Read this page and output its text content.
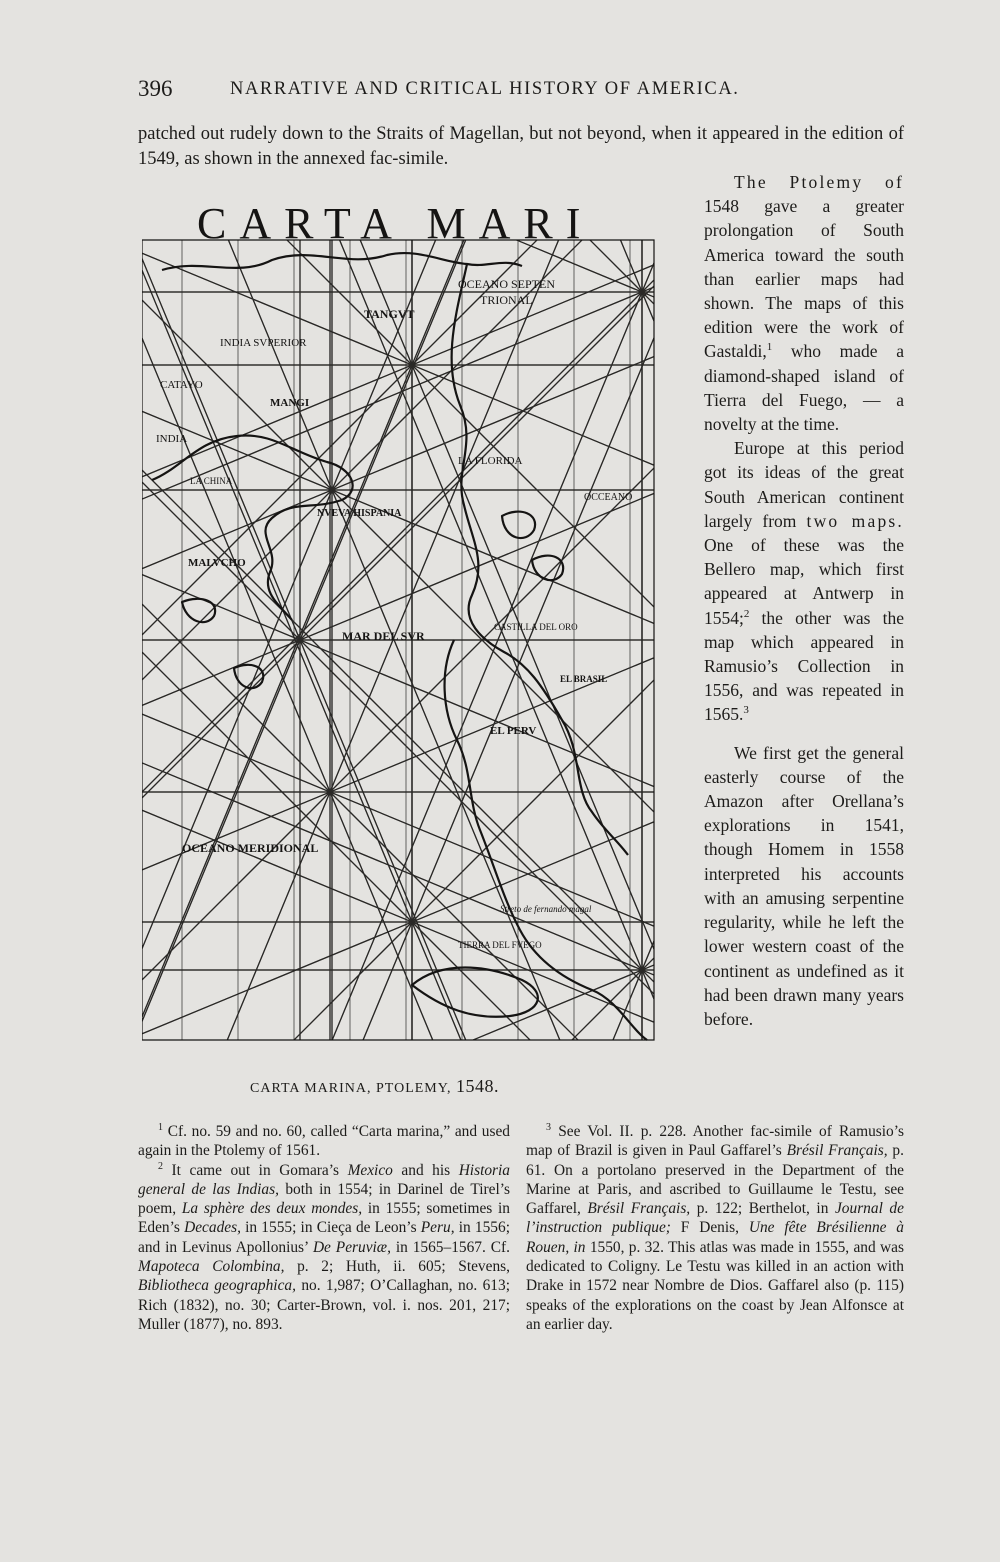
396	NARRATIVE AND CRITICAL HISTORY OF AMERICA.

patched out rudely down to the Straits of Magellan, but not beyond, when it appeared in the edition of 1549, as shown in the annexed fac-simile.

CARTA MARI
OCEANO SEPTEN
TRIONAL
TANGVT
INDIA SVPERIOR
CATAYO
MANGI
INDIA
LA CHINA
LA FLORIDA
OCCEANO
NVEVA HISPANIA
MALVCHO
MAR DEL SVR
CASTILLA DEL ORO
EL BRASIL
EL PERV
OCEANO MERIDIONAL
Streto de fernando magal
TIERRA DEL FVEGO
CARTA MARINA, PTOLEMY, 1548.

The Ptolemy of 1548 gave a greater prolongation of South America toward the south than earlier maps had shown. The maps of this edition were the work of Gastaldi,$^1$ who made a diamond-shaped island of Tierra del Fuego, — a novelty at the time.

Europe at this period got its ideas of the great South American continent largely from two maps. One of these was the Bellero map, which first appeared at Antwerp in 1554;$^2$ the other was the map which appeared in Ramusio’s Collection in 1556, and was repeated in 1565.$^3$

We first get the general easterly course of the Amazon after Orellana’s explorations in 1541, though Homem in 1558 interpreted his accounts with an amusing serpentine regularity, while he left the lower western coast of the continent as undefined as it had been drawn many years before.

$^1$ Cf. no. 59 and no. 60, called “Carta marina,” and used again in the Ptolemy of 1561.

$^2$ It came out in Gomara’s Mexico and his Historia general de las Indias, both in 1554; in Darinel de Tirel’s poem, La sphère des deux mondes, in 1555; sometimes in Eden’s Decades, in 1555; in Cieça de Leon’s Peru, in 1556; and in Levinus Apollonius’ De Peruviæ, in 1565–1567. Cf. Mapoteca Colombina, p. 2; Huth, ii. 605; Stevens, Bibliotheca geographica, no. 1,987; O’Callaghan, no. 613; Rich (1832), no. 30; Carter-Brown, vol. i. nos. 201, 217; Muller (1877), no. 893.

$^3$ See Vol. II. p. 228. Another fac-simile of Ramusio’s map of Brazil is given in Paul Gaffarel’s Brésil Français, p. 61. On a portolano preserved in the Department of the Marine at Paris, and ascribed to Guillaume le Testu, see Gaffarel, Brésil Français, p. 122; Berthelot, in Journal de l’instruction publique; F Denis, Une fête Brésilienne à Rouen, in 1550, p. 32. This atlas was made in 1555, and was dedicated to Coligny. Le Testu was killed in an action with Drake in 1572 near Nombre de Dios. Gaffarel also (p. 115) speaks of the explorations on the coast by Jean Alfonsce at an earlier day.
